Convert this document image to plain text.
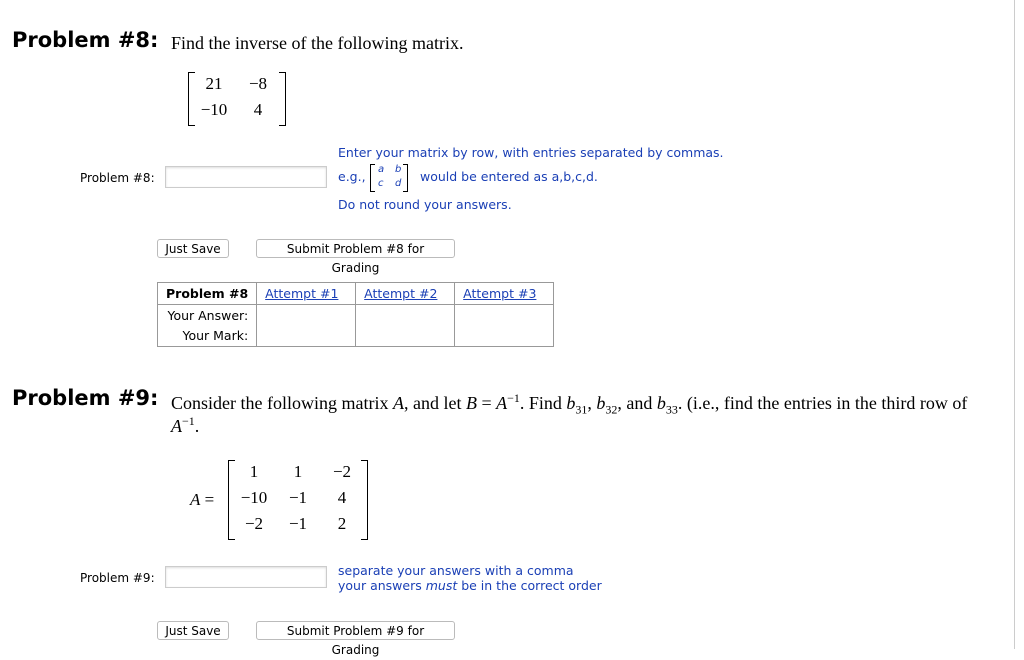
Problem #8: Find the inverse of the following matrix.
21	−8
−10	4
Problem #8:
Enter your matrix by row, with entries separated by commas.
e.g., a b
c d would be entered as a,b,c,d.
Do not round your answers.
Just Save	Submit Problem #8 for Grading
Problem #8	Attempt #1	Attempt #2	Attempt #3
Your Answer:			
Your Mark:			
Problem #9: Consider the following matrix A, and let $B = A^{-1}$. Find $b_{31}$, $b_{32}$, and $b_{33}$. (i.e., find the entries in the third row of
$A^{-1}$.
A =
1	1	−2
−10	−1	4
−2	−1	2
Problem #9:	separate your answers with a comma
your answers must be in the correct order
Just Save	Submit Problem #9 for Grading
